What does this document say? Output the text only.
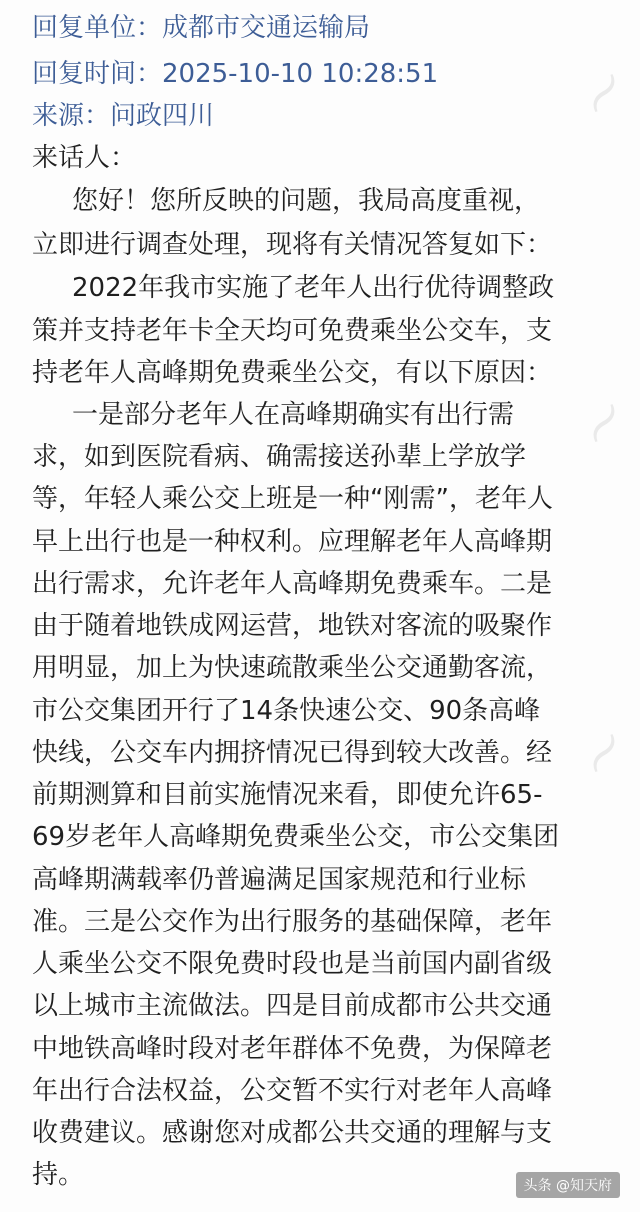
〜
〜
〜
回复单位：成都市交通运输局
回复时间：2025-10-10 10:28:51
来源：问政四川
来话人：
您好！您所反映的问题，我局高度重视，
立即进行调查处理，现将有关情况答复如下：
2022年我市实施了老年人出行优待调整政
策并支持老年卡全天均可免费乘坐公交车，支
持老年人高峰期免费乘坐公交，有以下原因：
一是部分老年人在高峰期确实有出行需
求，如到医院看病、确需接送孙辈上学放学
等，年轻人乘公交上班是一种“刚需”，老年人
早上出行也是一种权利。应理解老年人高峰期
出行需求，允许老年人高峰期免费乘车。二是
由于随着地铁成网运营，地铁对客流的吸聚作
用明显，加上为快速疏散乘坐公交通勤客流，
市公交集团开行了14条快速公交、90条高峰
快线，公交车内拥挤情况已得到较大改善。经
前期测算和目前实施情况来看，即使允许65-
69岁老年人高峰期免费乘坐公交，市公交集团
高峰期满载率仍普遍满足国家规范和行业标
准。三是公交作为出行服务的基础保障，老年
人乘坐公交不限免费时段也是当前国内副省级
以上城市主流做法。四是目前成都市公共交通
中地铁高峰时段对老年群体不免费，为保障老
年出行合法权益，公交暂不实行对老年人高峰
收费建议。感谢您对成都公共交通的理解与支
持。	头条 @知天府
